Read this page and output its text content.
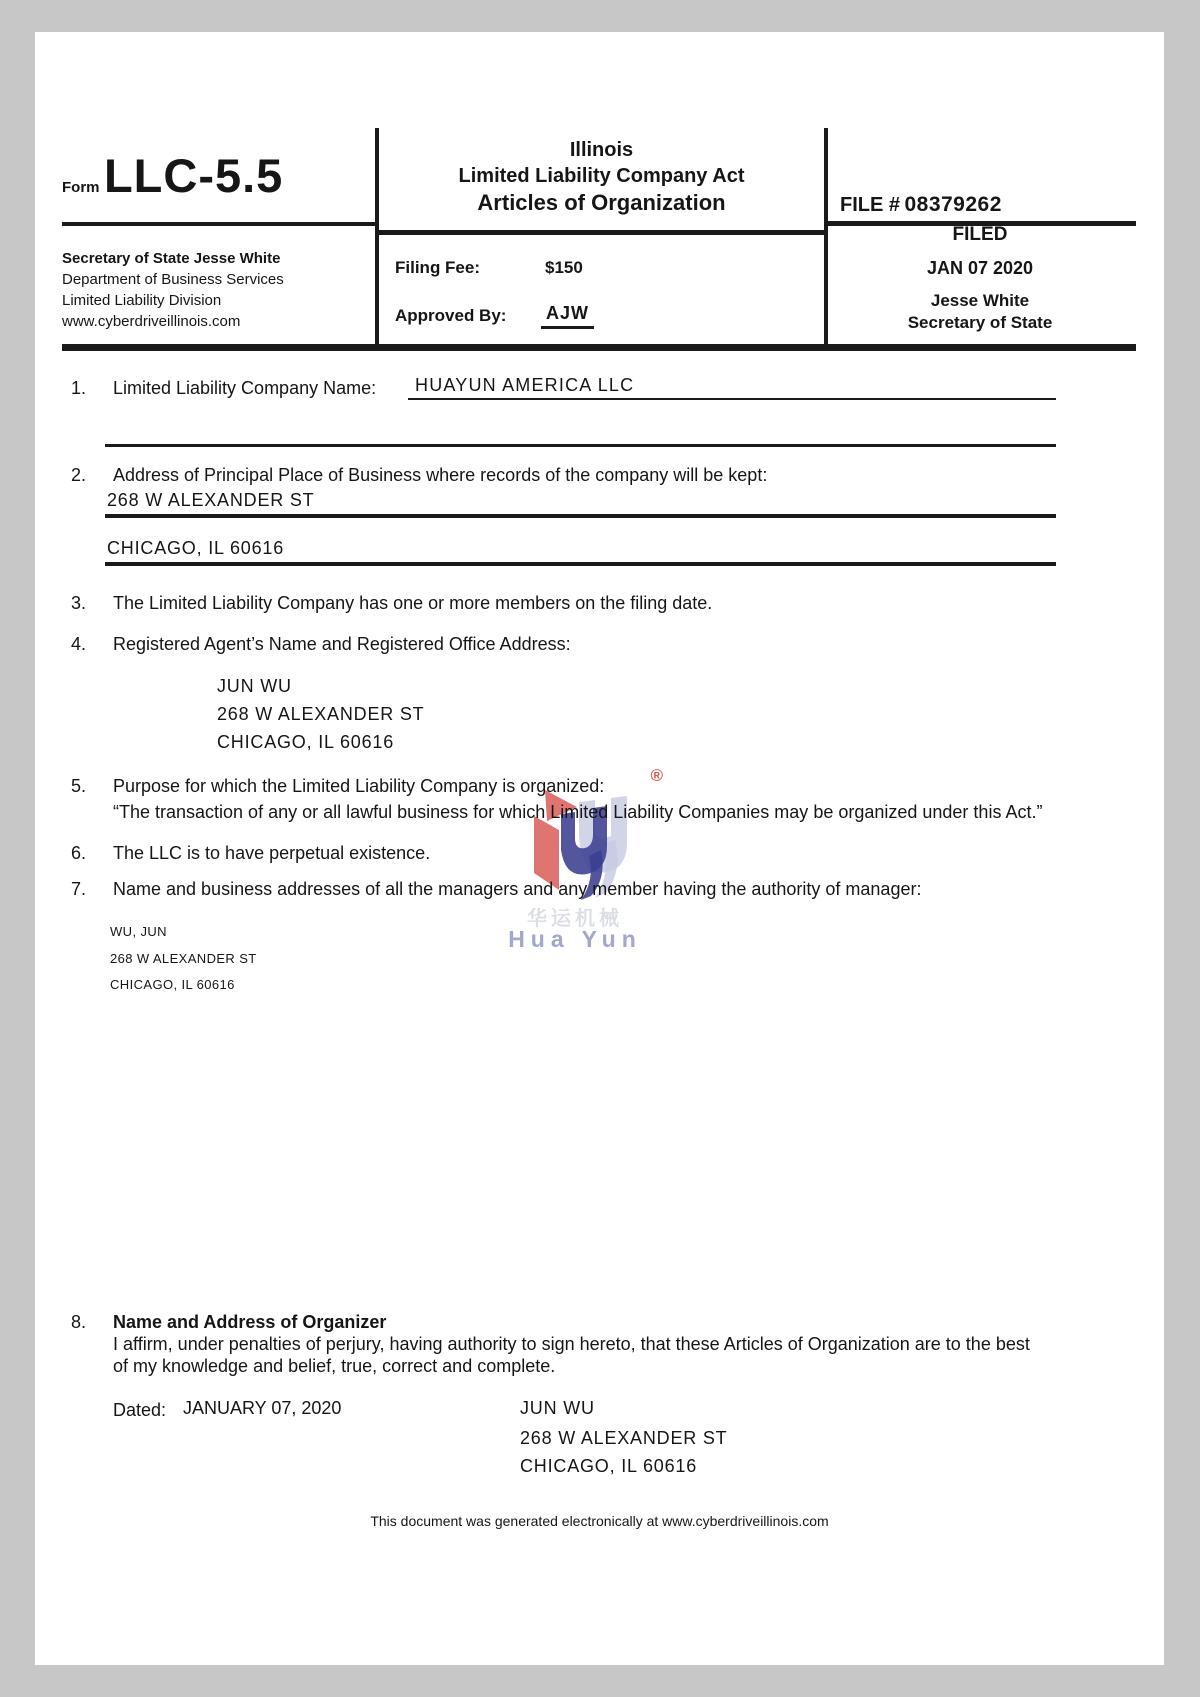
Form LLC-5.5
Secretary of State Jesse White
Department of Business Services
Limited Liability Division
www.cyberdriveillinois.com
Illinois
Limited Liability Company Act
Articles of Organization
Filing Fee:	$150
Approved By: AJW
FILE # 08379262
FILED
JAN 07 2020
Jesse White
Secretary of State
®
华运机械
Hua Yun
1. Limited Liability Company Name: HUAYUN AMERICA LLC
2. Address of Principal Place of Business where records of the company will be kept:
268 W ALEXANDER ST
CHICAGO, IL 60616
3. The Limited Liability Company has one or more members on the filing date.
4. Registered Agent’s Name and Registered Office Address:
JUN WU
268 W ALEXANDER ST
CHICAGO, IL 60616
5. Purpose for which the Limited Liability Company is organized:
“The transaction of any or all lawful business for which Limited Liability Companies may be organized under this Act.”
6. The LLC is to have perpetual existence.
7. Name and business addresses of all the managers and any member having the authority of manager:
WU, JUN
268 W ALEXANDER ST
CHICAGO, IL 60616
8. Name and Address of Organizer
I affirm, under penalties of perjury, having authority to sign hereto, that these Articles of Organization are to the best
of my knowledge and belief, true, correct and complete.
Dated: JANUARY 07, 2020	JUN WU
268 W ALEXANDER ST
CHICAGO, IL 60616
This document was generated electronically at www.cyberdriveillinois.com
